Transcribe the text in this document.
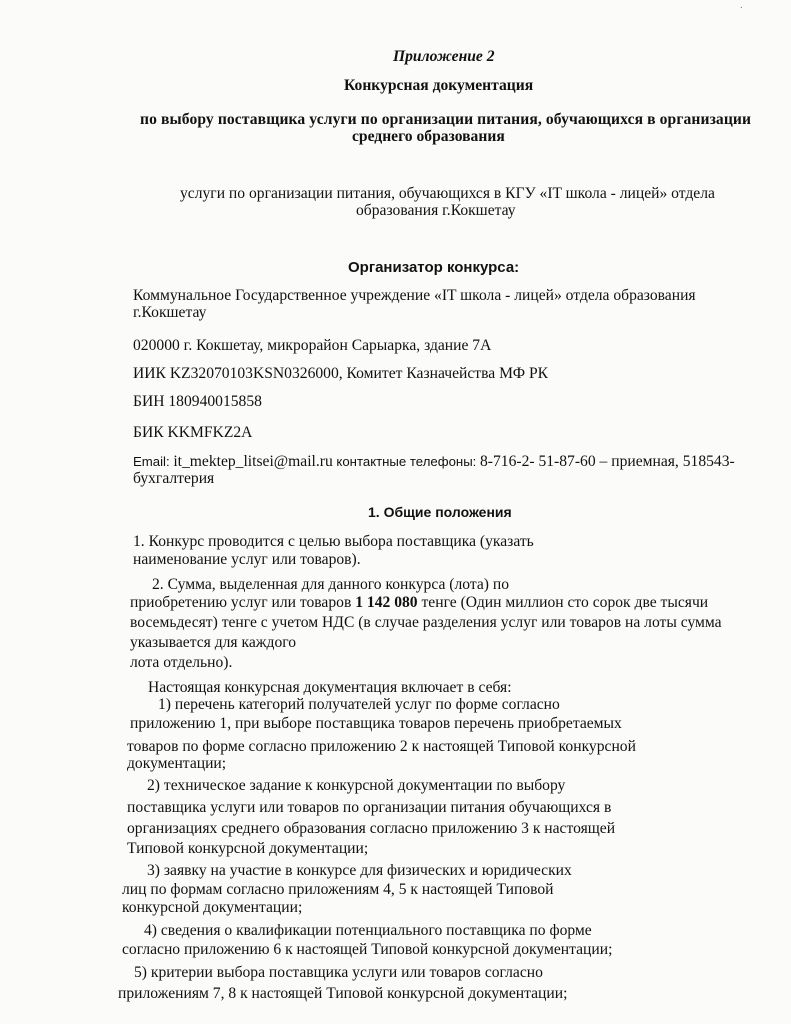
·
Приложение 2
Конкурсная документация
по выбору поставщика услуги по организации питания, обучающихся в организации
среднего образования
услуги по организации питания, обучающихся в КГУ «IT школа - лицей» отдела
образования г.Кокшетау
Организатор конкурса:
Коммунальное Государственное учреждение «IT школа - лицей» отдела образования
г.Кокшетау
020000 г. Кокшетау, микрорайон Сарыарка, здание 7А
ИИК KZ32070103KSN0326000, Комитет Казначейства МФ РК
БИН 180940015858
БИК KKMFKZ2A
Email: it_mektep_litsei@mail.ru контактные телефоны: 8-716-2- 51-87-60 – приемная, 518543-
бухгалтерия
1. Общие положения
1. Конкурс проводится с целью выбора поставщика (указать
наименование услуг или товаров).
2. Сумма, выделенная для данного конкурса (лота) по
приобретению услуг или товаров 1 142 080 тенге (Один миллион сто сорок две тысячи
восемьдесят) тенге с учетом НДС (в случае разделения услуг или товаров на лоты сумма
указывается для каждого
лота отдельно).
Настоящая конкурсная документация включает в себя:
1) перечень категорий получателей услуг по форме согласно
приложению 1, при выборе поставщика товаров перечень приобретаемых
товаров по форме согласно приложению 2 к настоящей Типовой конкурсной
документации;
2) техническое задание к конкурсной документации по выбору
поставщика услуги или товаров по организации питания обучающихся в
организациях среднего образования согласно приложению 3 к настоящей
Типовой конкурсной документации;
3) заявку на участие в конкурсе для физических и юридических
лиц по формам согласно приложениям 4, 5 к настоящей Типовой
конкурсной документации;
4) сведения о квалификации потенциального поставщика по форме
согласно приложению 6 к настоящей Типовой конкурсной документации;
5) критерии выбора поставщика услуги или товаров согласно
приложениям 7, 8 к настоящей Типовой конкурсной документации;
